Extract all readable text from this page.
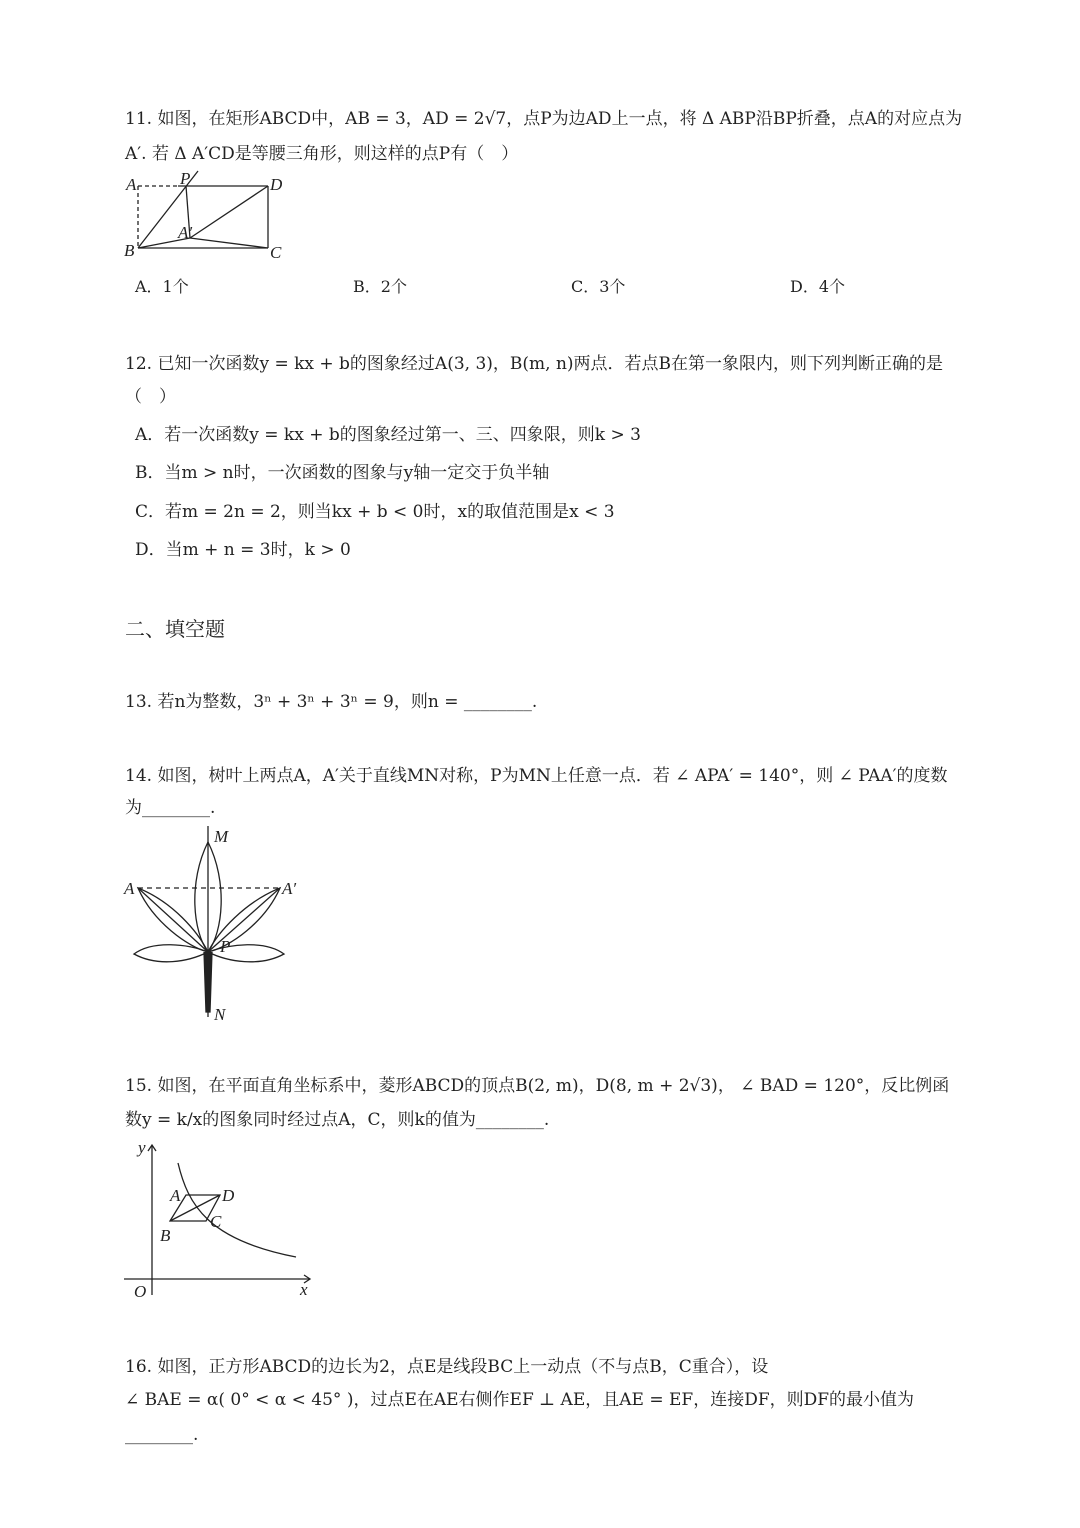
11. 如图，在矩形ABCD中，AB = 3，AD = 2√7，点P为边AD上一点，将 Δ ABP沿BP折叠，点A的对应点为
A′. 若 Δ A′CD是等腰三角形，则这样的点P有（　）
A	P	D
A′
B	C
A．1个	B．2个	C．3个	D．4个
12. 已知一次函数y = kx + b的图象经过A(3, 3)，B(m, n)两点．若点B在第一象限内，则下列判断正确的是
（　）
A．若一次函数y = kx + b的图象经过第一、三、四象限，则k > 3
B．当m > n时，一次函数的图象与y轴一定交于负半轴
C．若m = 2n = 2，则当kx + b < 0时，x的取值范围是x < 3
D．当m + n = 3时，k > 0
二、填空题
13. 若n为整数，3ⁿ + 3ⁿ + 3ⁿ = 9，则n = ________.
14. 如图，树叶上两点A，A′关于直线MN对称，P为MN上任意一点．若 ∠ APA′ = 140°，则 ∠ PAA′的度数
为________.
M
A	A′
P
N
15. 如图，在平面直角坐标系中，菱形ABCD的顶点B(2, m)，D(8, m + 2√3)， ∠ BAD = 120°，反比例函
数y = k/x的图象同时经过点A，C，则k的值为________.
y
x
O
A D
C
B
16. 如图，正方形ABCD的边长为2，点E是线段BC上一动点（不与点B，C重合），设
∠ BAE = α( 0° < α < 45° )，过点E在AE右侧作EF ⊥ AE，且AE = EF，连接DF，则DF的最小值为
________.
